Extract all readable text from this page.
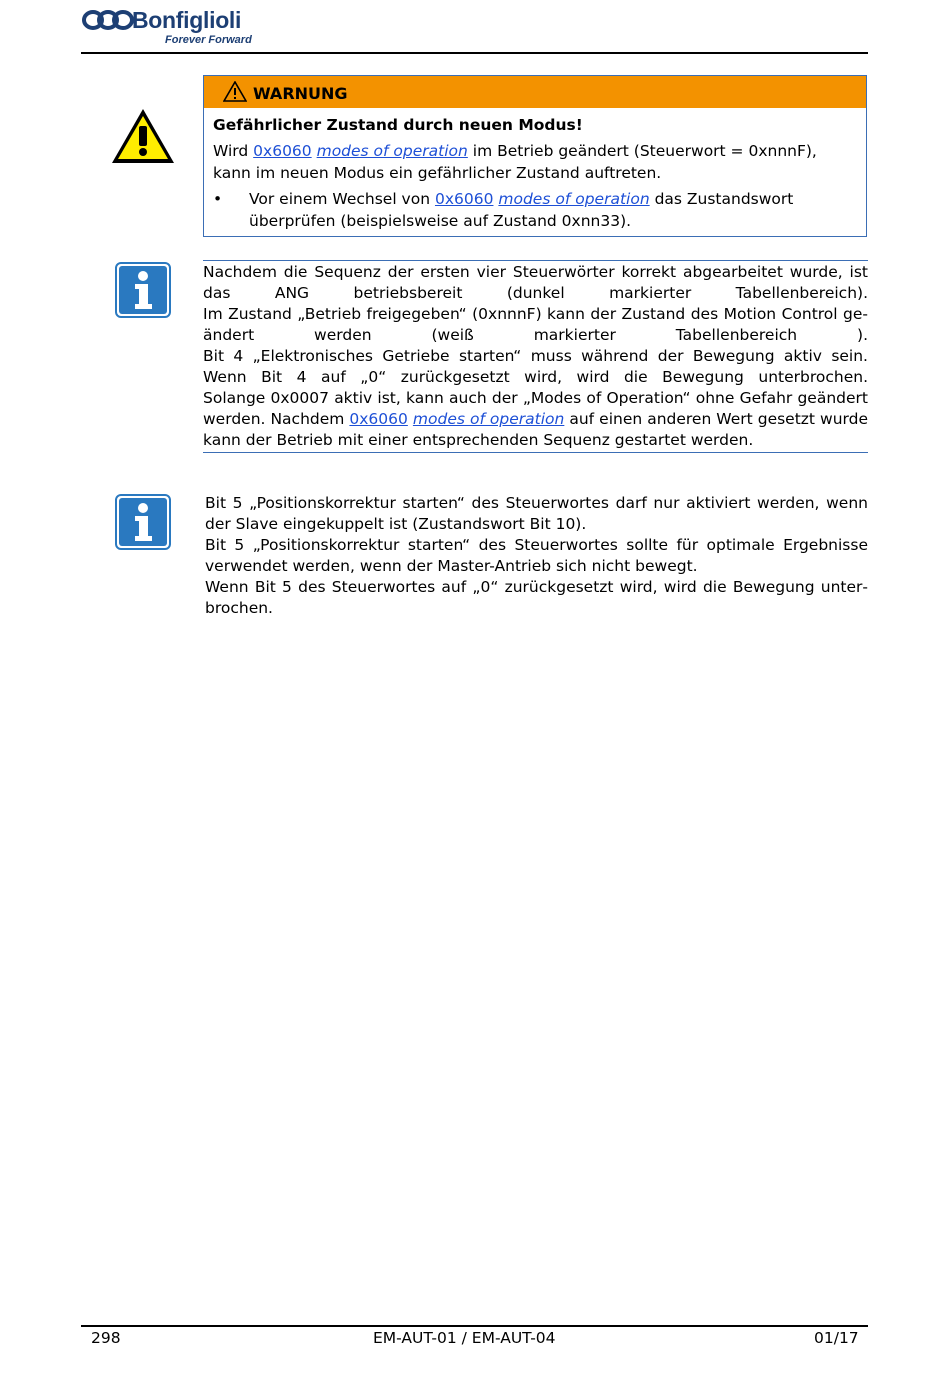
Bonfiglioli
Forever Forward
WARNUNG
Gefährlicher Zustand durch neuen Modus!
Wird 0x6060 modes of operation im Betrieb geändert (Steuerwort = 0xnnnF), kann im neuen Modus ein gefährlicher Zustand auftreten.
• Vor einem Wechsel von 0x6060 modes of operation das Zustandswort überprüfen (beispielsweise auf Zustand 0xnn33).

Nachdem die Sequenz der ersten vier Steuerwörter korrekt abgearbeitet wurde, ist das ANG betriebsbereit (dunkel markierter Tabellenbereich).

Im Zustand „Betrieb freigegeben“ (0xnnnF) kann der Zustand des Motion Control geändert werden (weiß markierter Tabellenbereich ).

Bit 4 „Elektronisches Getriebe starten“ muss während der Bewegung aktiv sein. Wenn Bit 4 auf „0“ zurückgesetzt wird, wird die Bewegung unterbrochen.

Solange 0x0007 aktiv ist, kann auch der „Modes of Operation“ ohne Gefahr geändert werden. Nachdem 0x6060 modes of operation auf einen anderen Wert gesetzt wurde kann der Betrieb mit einer entsprechenden Sequenz gestartet werden.

Bit 5 „Positionskorrektur starten“ des Steuerwortes darf nur aktiviert werden, wenn der Slave eingekuppelt ist (Zustandswort Bit 10).

Bit 5 „Positionskorrektur starten“ des Steuerwortes sollte für optimale Ergebnisse verwendet werden, wenn der Master-Antrieb sich nicht bewegt.

Wenn Bit 5 des Steuerwortes auf „0“ zurückgesetzt wird, wird die Bewegung unterbrochen.

298	EM-AUT-01 / EM-AUT-04	01/17
